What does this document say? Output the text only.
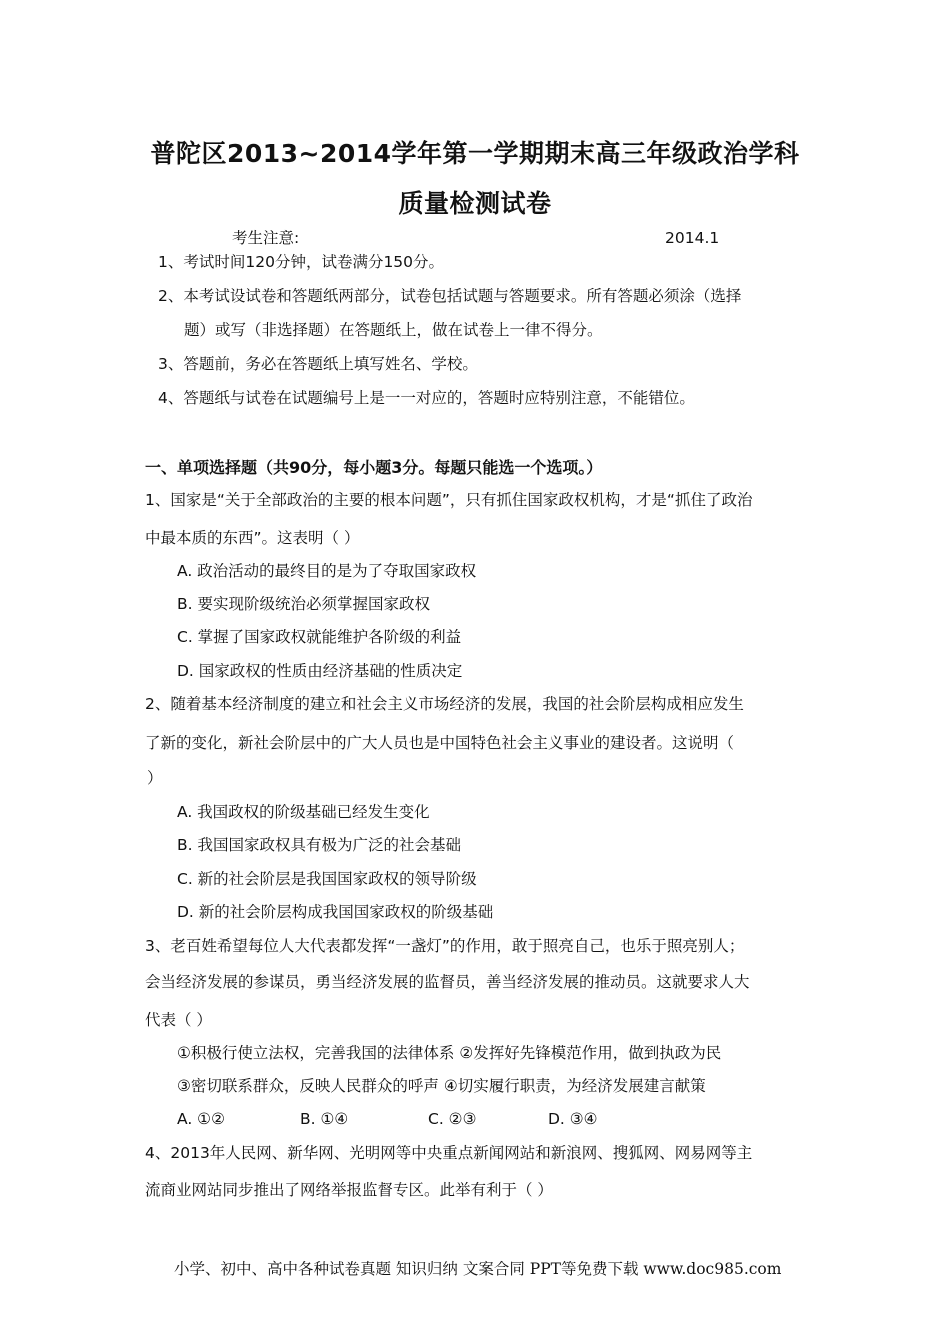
普陀区2013~2014学年第一学期期末高三年级政治学科
质量检测试卷
考生注意:	2014.1
1、考试时间120分钟，试卷满分150分。
2、本考试设试卷和答题纸两部分，试卷包括试题与答题要求。所有答题必须涂（选择
题）或写（非选择题）在答题纸上，做在试卷上一律不得分。
3、答题前，务必在答题纸上填写姓名、学校。
4、答题纸与试卷在试题编号上是一一对应的，答题时应特别注意，不能错位。
一、单项选择题（共90分，每小题3分。每题只能选一个选项。）
1、国家是“关于全部政治的主要的根本问题”，只有抓住国家政权机构，才是“抓住了政治
中最本质的东西”。这表明（ ）
A. 政治活动的最终目的是为了夺取国家政权
B. 要实现阶级统治必须掌握国家政权
C. 掌握了国家政权就能维护各阶级的利益
D. 国家政权的性质由经济基础的性质决定
2、随着基本经济制度的建立和社会主义市场经济的发展，我国的社会阶层构成相应发生
了新的变化，新社会阶层中的广大人员也是中国特色社会主义事业的建设者。这说明（
）
A. 我国政权的阶级基础已经发生变化
B. 我国国家政权具有极为广泛的社会基础
C. 新的社会阶层是我国国家政权的领导阶级
D. 新的社会阶层构成我国国家政权的阶级基础
3、老百姓希望每位人大代表都发挥“一盏灯”的作用，敢于照亮自己，也乐于照亮别人；
会当经济发展的参谋员，勇当经济发展的监督员，善当经济发展的推动员。这就要求人大
代表（ ）
①积极行使立法权，完善我国的法律体系 ②发挥好先锋模范作用，做到执政为民
③密切联系群众，反映人民群众的呼声 ④切实履行职责，为经济发展建言献策
A. ①②	B. ①④	C. ②③	D. ③④
4、2013年人民网、新华网、光明网等中央重点新闻网站和新浪网、搜狐网、网易网等主
流商业网站同步推出了网络举报监督专区。此举有利于（ ）
小学、初中、高中各种试卷真题 知识归纳 文案合同 PPT等免费下载 www.doc985.com
